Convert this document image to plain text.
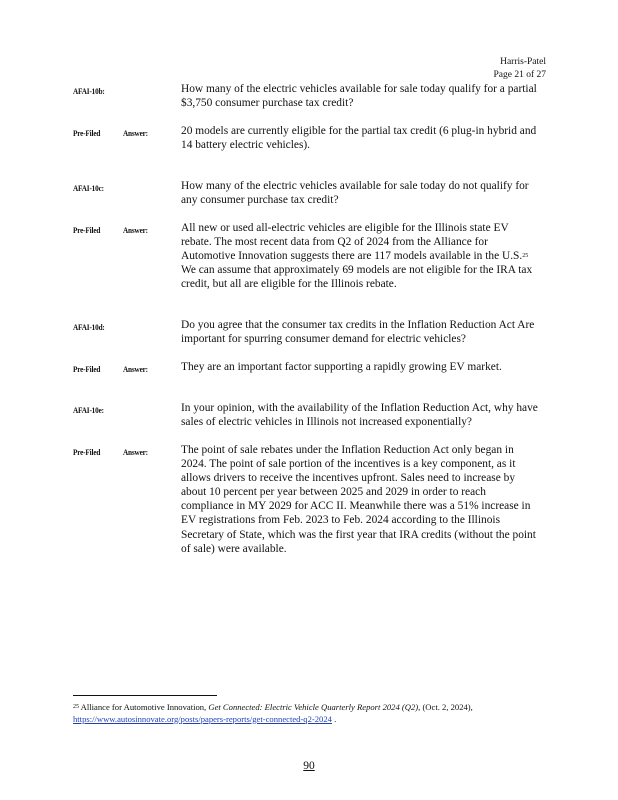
Harris-Patel
Page 21 of 27
AFAI-10b:	How many of the electric vehicles available for sale today qualify for a partial $3,750 consumer purchase tax credit?
Pre-Filed	Answer:	20 models are currently eligible for the partial tax credit (6 plug-in hybrid and 14 battery electric vehicles).
AFAI-10c:	How many of the electric vehicles available for sale today do not qualify for any consumer purchase tax credit?
Pre-Filed	Answer:	All new or used all-electric vehicles are eligible for the Illinois state EV rebate. The most recent data from Q2 of 2024 from the Alliance for Automotive Innovation suggests there are 117 models available in the U.S.$^{25}$ We can assume that approximately 69 models are not eligible for the IRA tax credit, but all are eligible for the Illinois rebate.
AFAI-10d:	Do you agree that the consumer tax credits in the Inflation Reduction Act Are important for spurring consumer demand for electric vehicles?
Pre-Filed	Answer:	They are an important factor supporting a rapidly growing EV market.
AFAI-10e:	In your opinion, with the availability of the Inflation Reduction Act, why have sales of electric vehicles in Illinois not increased exponentially?
Pre-Filed	Answer:	The point of sale rebates under the Inflation Reduction Act only began in 2024. The point of sale portion of the incentives is a key component, as it allows drivers to receive the incentives upfront. Sales need to increase by about 10 percent per year between 2025 and 2029 in order to reach compliance in MY 2029 for ACC II. Meanwhile there was a 51% increase in EV registrations from Feb. 2023 to Feb. 2024 according to the Illinois Secretary of State, which was the first year that IRA credits (without the point of sale) were available.
$^{25}$ Alliance for Automotive Innovation, Get Connected: Electric Vehicle Quarterly Report 2024 (Q2), (Oct. 2, 2024),
https://www.autosinnovate.org/posts/papers-reports/get-connected-q2-2024 .
90
